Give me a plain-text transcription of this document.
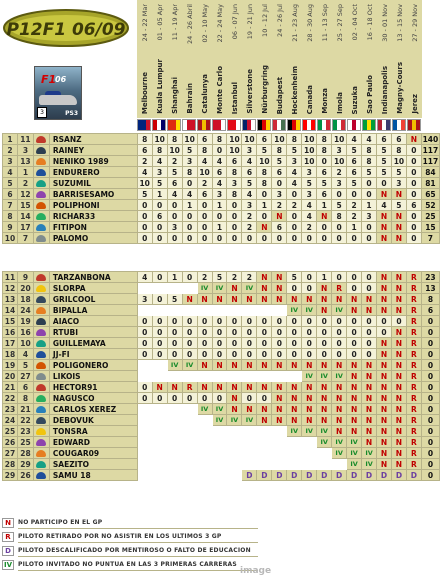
P12F1 06/09
F1
06
3	PS3	Melbourne
24 - 22 Mar
Kuala Lumpur
01 - 05 Apr
Shanghai
11 - 19 Apr
Bahrain
24 - 26 Abril
Catalunya
02 - 10 May
Monte Carlo
22 - 24 May
Istanbul
06 - 07 Jun
Silverstone
19 - 21 Jun
Nürburgring
10 - 12 Jul
Budapest
24 - 26 Jul
Hockenheim
21 - 23 Aug
Canada
28 - 30 Aug
Monza
11 - 13 Sep
Imola
25 - 27 Sep
Suzuka
02 - 04 Oct
Sao Paulo
16 - 18 Oct
Indianapolis
30 - 01 Nov
Magny-Cours
13 - 15 Nov
Jerez
27 - 29 Nov
1	11		RSANZ	8	10	8	10	6	8	10	10	6	10	8	10	8	10	4	4	6	6	N	140
2	3		RAINEY	6	8	10	5	8	0	10	3	5	8	5	10	8	3	5	8	5	8	0	117
3	13		NENIKO 1989	2	4	2	3	4	4	6	4	10	5	3	10	0	10	6	8	5	10	0	117
4	1		ENDURERO	4	3	5	8	10	6	8	6	8	6	4	3	6	2	6	5	5	5	0	84
5	2		SUZUMIL	10	5	6	0	2	4	3	5	8	0	4	5	5	3	5	0	0	3	0	81
6	12		BARRISESAMO	5	1	4	4	6	3	8	4	0	3	0	3	6	0	0	0	N	N	0	65
7	15		POLIPHONI	0	0	0	1	0	1	0	3	1	2	2	4	1	5	2	1	4	5	6	52
8	14		RICHAR33	0	6	0	0	0	0	0	2	0	N	0	4	N	8	2	3	N	N	0	25
9	17		FITIPON	0	0	3	0	0	1	0	2	N	6	0	2	0	0	1	0	N	N	0	15
10	7		PALOMO	0	0	0	0	0	0	0	0	0	0	0	0	0	0	0	0	N	N	0	7
11	9		TARZANBONA	4	0	1	0	2	5	2	2	N	N	5	0	1	0	0	0	N	N	R	23
12	20		SLORPA					IV	IV	N	IV	N	N	0	0	N	R	0	0	N	N	R	13
13	18		GRILCOOL	3	0	5	N	N	N	N	N	N	N	N	N	N	N	N	N	N	N	R	8
14	24		BIPALLA											IV	IV	N	IV	N	N	N	N	R	6
15	19		AIACO	0	0	0	0	0	0	0	0	0	0	0	0	0	0	0	0	0	0	R	0
16	16		RTUBI	0	0	0	0	0	0	0	0	0	0	0	0	0	0	0	0	0	N	R	0
17	10		GUILLEMAYA	0	0	0	0	0	0	0	0	0	0	0	0	0	0	0	0	N	N	R	0
18	4		JJ-FI	0	0	0	0	0	0	0	0	0	0	0	0	0	0	0	0	N	N	R	0
19	5		POLIGONERO			IV	IV	N	N	N	N	N	N	N	N	N	N	N	N	N	N	R	0
20	27		LIKOIS												IV	IV	IV	N	N	N	N	R	0
21	6		HECTOR91	0	N	N	R	N	N	N	N	N	N	N	N	N	N	N	N	N	N	R	0
22	8		NAGUSCO	0	0	0	0	0	0	N	0	0	N	N	N	N	N	N	N	N	N	R	0
23	21		CARLOS XEREZ					IV	IV	N	N	N	N	N	N	N	N	N	N	N	N	R	0
24	22		DEBOVUK						IV	IV	IV	N	N	N	N	N	N	N	N	N	N	R	0
25	23		TONSRA											IV	IV	IV	N	N	N	N	N	R	0
26	25		EDWARD													IV	IV	IV	N	N	N	R	0
27	28		COUGAR09														IV	IV	IV	N	N	R	0
28	29		SAEZITO															IV	IV	N	N	R	0
29	26		SAMU 18								D	D	D	D	D	D	D	D	D	D	D	D	0
N	NO PARTICIPO EN EL GP
R	PILOTO RETIRADO POR NO ASISTIR EN LOS ULTIMOS 3 GP
D	PILOTO DESCALIFICADO POR MENTIROSO O FALTO DE EDUCACION
IV PILOTO INVITADO NO PUNTUA EN LAS 3 PRIMERAS CARRERAS
image
